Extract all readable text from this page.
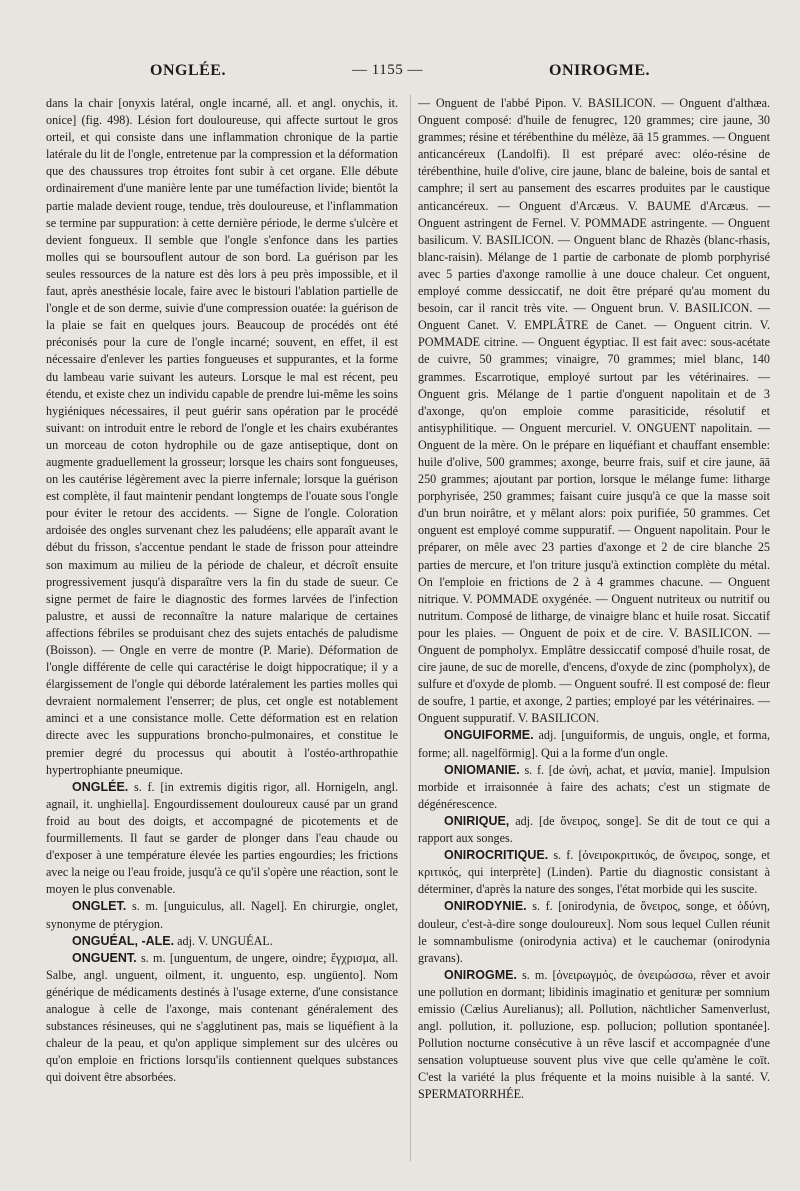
ONGLÉE.	— 1155 —	ONIROGME.

dans la chair [onyxis latéral, ongle incarné, all. et angl. onychis, it. onice] (fig. 498). Lésion fort douloureuse, qui affecte surtout le gros orteil, et qui consiste dans une inflammation chronique de la partie latérale du lit de l'ongle, entretenue par la compression et la déformation que des chaussures trop étroites font subir à cet organe. Elle débute ordinairement d'une manière lente par une tuméfaction livide; bientôt la partie malade devient rouge, tendue, très douloureuse, et l'inflammation se termine par suppuration: à cette dernière période, le derme s'ulcère et devient fongueux. Il semble que l'ongle s'enfonce dans les parties molles qui se boursouflent autour de son bord. La guérison par les seules ressources de la nature est dès lors à peu près impossible, et il faut, après anesthésie locale, faire avec le bistouri l'ablation partielle de l'ongle et de son derme, suivie d'une compression ouatée: la guérison de la plaie se fait en quelques jours. Beaucoup de procédés ont été préconisés pour la cure de l'ongle incarné; souvent, en effet, il est nécessaire d'enlever les parties fongueuses et suppurantes, et la forme du lambeau varie suivant les auteurs. Lorsque le mal est récent, peu étendu, et existe chez un individu capable de prendre lui-même les soins hygiéniques nécessaires, il peut guérir sans opération par le procédé suivant: on introduit entre le rebord de l'ongle et les chairs exubérantes un morceau de coton hydrophile ou de gaze antiseptique, dont on augmente graduellement la grosseur; lorsque les chairs sont fongueuses, on les cautérise légèrement avec la pierre infernale; lorsque la guérison est complète, il faut maintenir pendant longtemps de l'ouate sous l'ongle pour éviter le retour des accidents. — Signe de l'ongle. Coloration ardoisée des ongles survenant chez les paludéens; elle apparaît avant le début du frisson, s'accentue pendant le stade de frisson pour atteindre son maximum au milieu de la période de chaleur, et décroît ensuite progressivement jusqu'à disparaître vers la fin du stade de sueur. Ce signe permet de faire le diagnostic des formes larvées de l'infection palustre, et aussi de reconnaître la nature malarique de certaines affections fébriles se produisant chez des sujets entachés de paludisme (Boisson). — Ongle en verre de montre (P. Marie). Déformation de l'ongle différente de celle qui caractérise le doigt hippocratique; il y a élargissement de l'ongle qui déborde latéralement les parties molles qui devraient normalement l'enserrer; de plus, cet ongle est notablement aminci et a une consistance molle. Cette déformation est en relation directe avec les suppurations broncho-pulmonaires, et constitue le premier degré du processus qui aboutit à l'ostéo-arthropathie hypertrophiante pneumique.

ONGLÉE. s. f. [in extremis digitis rigor, all. Hornigeln, angl. agnail, it. unghiella]. Engourdissement douloureux causé par un grand froid au bout des doigts, et accompagné de picotements et de fourmillements. Il faut se garder de plonger dans l'eau chaude ou d'exposer à une température élevée les parties engourdies; les frictions avec la neige ou l'eau froide, jusqu'à ce qu'il s'opère une réaction, sont le moyen le plus convenable.

ONGLET. s. m. [unguiculus, all. Nagel]. En chirurgie, onglet, synonyme de ptérygion.

ONGUÉAL, -ALE. adj. V. UNGUÉAL.

ONGUENT. s. m. [unguentum, de ungere, oindre; ἔγχρισμα, all. Salbe, angl. unguent, oilment, it. unguento, esp. ungüento]. Nom générique de médicaments destinés à l'usage externe, d'une consistance analogue à celle de l'axonge, mais contenant généralement des substances résineuses, qui ne s'agglutinent pas, mais se liquéfient à la chaleur de la peau, et qu'on applique simplement sur des ulcères ou qu'on emploie en frictions lorsqu'ils contiennent quelques substances qui doivent être absorbées.

— Onguent de l'abbé Pipon. V. BASILICON. — Onguent d'althæa. Onguent composé: d'huile de fenugrec, 120 grammes; cire jaune, 30 grammes; résine et térébenthine du mélèze, āā 15 grammes. — Onguent anticancéreux (Landolfi). Il est préparé avec: oléo-résine de térébenthine, huile d'olive, cire jaune, blanc de baleine, bois de santal et camphre; il sert au pansement des escarres produites par le caustique anticancéreux. — Onguent d'Arcæus. V. BAUME d'Arcæus. — Onguent astringent de Fernel. V. POMMADE astringente. — Onguent basilicum. V. BASILICON. — Onguent blanc de Rhazès (blanc-rhasis, blanc-raisin). Mélange de 1 partie de carbonate de plomb porphyrisé avec 5 parties d'axonge ramollie à une douce chaleur. Cet onguent, employé comme dessiccatif, ne doit être préparé qu'au moment du besoin, car il rancit très vite. — Onguent brun. V. BASILICON. — Onguent Canet. V. EMPLÂTRE de Canet. — Onguent citrin. V. POMMADE citrine. — Onguent égyptiac. Il est fait avec: sous-acétate de cuivre, 50 grammes; vinaigre, 70 grammes; miel blanc, 140 grammes. Escarrotique, employé surtout par les vétérinaires. — Onguent gris. Mélange de 1 partie d'onguent napolitain et de 3 d'axonge, qu'on emploie comme parasiticide, résolutif et antisyphilitique. — Onguent mercuriel. V. ONGUENT napolitain. — Onguent de la mère. On le prépare en liquéfiant et chauffant ensemble: huile d'olive, 500 grammes; axonge, beurre frais, suif et cire jaune, āā 250 grammes; ajoutant par portion, lorsque le mélange fume: litharge porphyrisée, 250 grammes; faisant cuire jusqu'à ce que la masse soit d'un brun noirâtre, et y mêlant alors: poix purifiée, 50 grammes. Cet onguent est employé comme suppuratif. — Onguent napolitain. Pour le préparer, on mêle avec 23 parties d'axonge et 2 de cire blanche 25 parties de mercure, et l'on triture jusqu'à extinction complète du métal. On l'emploie en frictions de 2 à 4 grammes chacune. — Onguent nitrique. V. POMMADE oxygénée. — Onguent nutriteux ou nutritif ou nutritum. Composé de litharge, de vinaigre blanc et huile rosat. Siccatif pour les plaies. — Onguent de poix et de cire. V. BASILICON. — Onguent de pompholyx. Emplâtre dessiccatif composé d'huile rosat, de cire jaune, de suc de morelle, d'encens, d'oxyde de zinc (pompholyx), de sulfure et d'oxyde de plomb. — Onguent soufré. Il est composé de: fleur de soufre, 1 partie, et axonge, 2 parties; employé par les vétérinaires. — Onguent suppuratif. V. BASILICON.

ONGUIFORME. adj. [unguiformis, de unguis, ongle, et forma, forme; all. nagelförmig]. Qui a la forme d'un ongle.

ONIOMANIE. s. f. [de ὠνή, achat, et μανία, manie]. Impulsion morbide et irraisonnée à faire des achats; c'est un stigmate de dégénérescence.

ONIRIQUE, adj. [de ὄνειρος, songe]. Se dit de tout ce qui a rapport aux songes.

ONIROCRITIQUE. s. f. [ὀνειροκριτικός, de ὄνειρος, songe, et κριτικός, qui interprète] (Linden). Partie du diagnostic consistant à déterminer, d'après la nature des songes, l'état morbide qui les suscite.

ONIRODYNIE. s. f. [onirodynia, de ὄνειρος, songe, et ὀδύνη, douleur, c'est-à-dire songe douloureux]. Nom sous lequel Cullen réunit le somnambulisme (onirodynia activa) et le cauchemar (onirodynia gravans).

ONIROGME. s. m. [ὀνειρωγμός, de ὀνειρώσσω, rêver et avoir une pollution en dormant; libidinis imaginatio et genituræ per somnium emissio (Cælius Aurelianus); all. Pollution, nächtlicher Samenverlust, angl. pollution, it. polluzione, esp. pollucion; pollution spontanée]. Pollution nocturne consécutive à un rêve lascif et accompagnée d'une sensation voluptueuse souvent plus vive que celle qu'amène le coït. C'est la variété la plus fréquente et la moins nuisible à la santé. V. SPERMATORRHÉE.
